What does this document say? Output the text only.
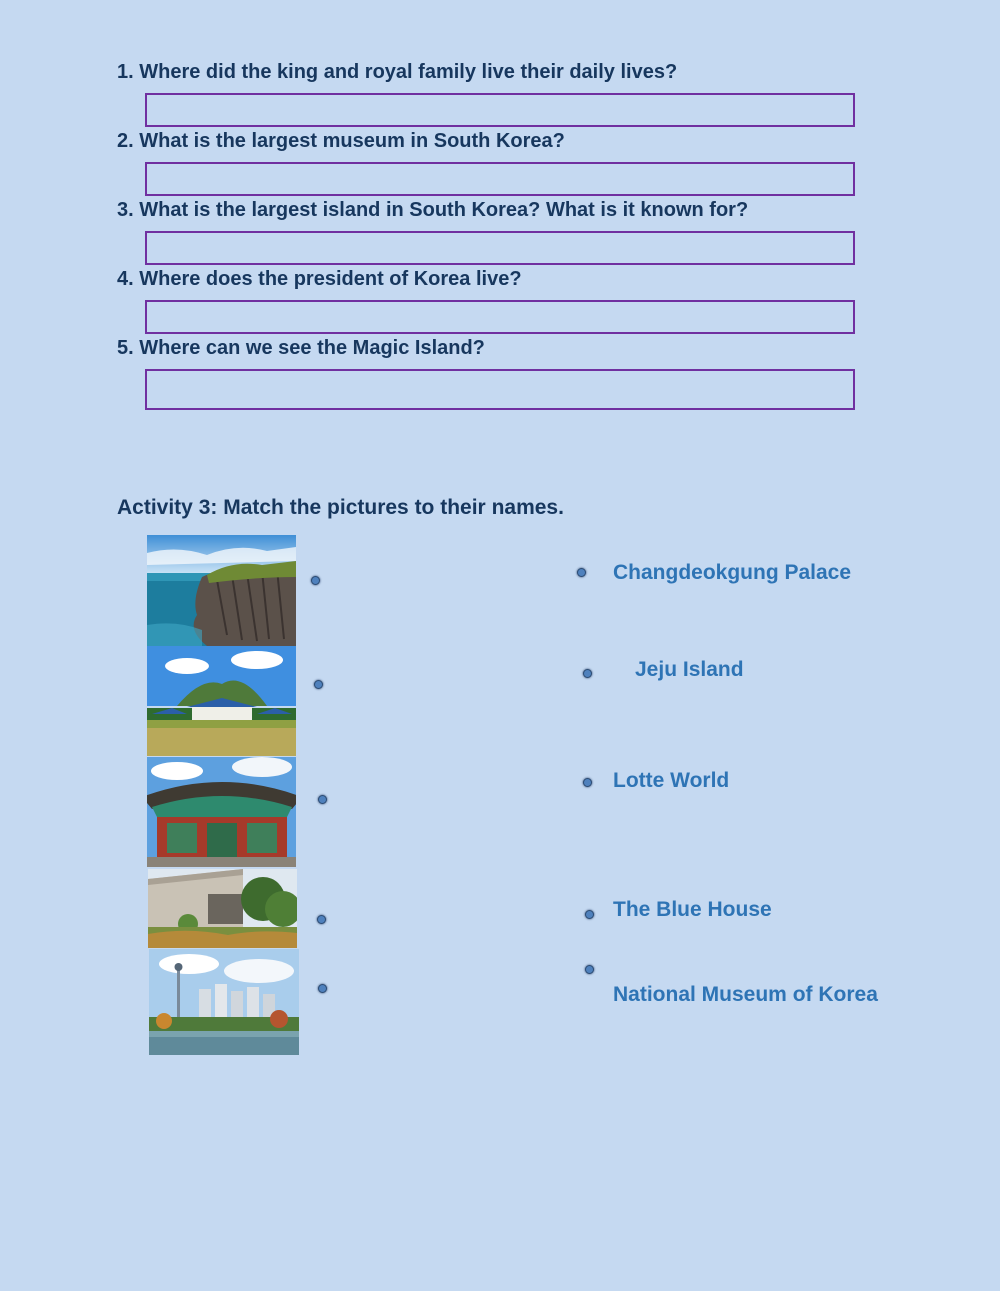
1. Where did the king and royal family live their daily lives?
2. What is the largest museum in South Korea?
3. What is the largest island in South Korea? What is it known for?
4. Where does the president of Korea live?
5. Where can we see the Magic Island?
Activity 3: Match the pictures to their names.
Changdeokgung Palace
Jeju Island
Lotte World
The Blue House
National Museum of Korea
